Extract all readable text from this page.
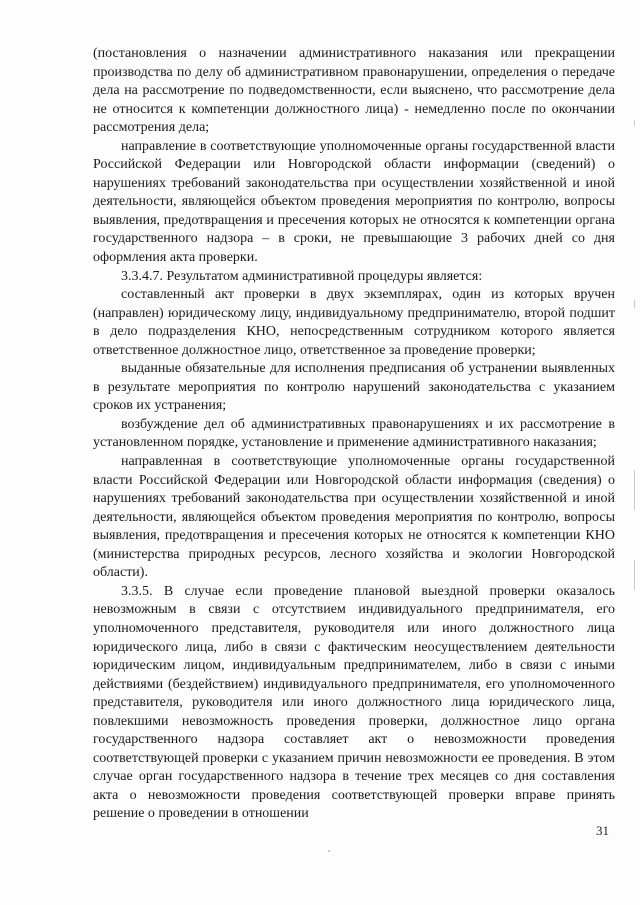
(постановления о назначении административного наказания или прекращении производства по делу об административном правонарушении, определения о передаче дела на рассмотрение по подведомственности, если выяснено, что рассмотрение дела не относится к компетенции должностного лица) - немедленно после по окончании рассмотрения дела;

направление в соответствующие уполномоченные органы государственной власти Российской Федерации или Новгородской области информации (сведений) о нарушениях требований законодательства при осуществлении хозяйственной и иной деятельности, являющейся объектом проведения мероприятия по контролю, вопросы выявления, предотвращения и пресечения которых не относятся к компетенции органа государственного надзора – в сроки, не превышающие 3 рабочих дней со дня оформления акта проверки.

3.3.4.7. Результатом административной процедуры является:

составленный акт проверки в двух экземплярах, один из которых вручен (направлен) юридическому лицу, индивидуальному предпринимателю, второй подшит в дело подразделения КНО, непосредственным сотрудником которого является ответственное должностное лицо, ответственное за проведение проверки;

выданные обязательные для исполнения предписания об устранении выявленных в результате мероприятия по контролю нарушений законодательства с указанием сроков их устранения;

возбуждение дел об административных правонарушениях и их рассмотрение в установленном порядке, установление и применение административного наказания;

направленная в соответствующие уполномоченные органы государственной власти Российской Федерации или Новгородской области информация (сведения) о нарушениях требований законодательства при осуществлении хозяйственной и иной деятельности, являющейся объектом проведения мероприятия по контролю, вопросы выявления, предотвращения и пресечения которых не относятся к компетенции КНО (министерства природных ресурсов, лесного хозяйства и экологии Новгородской области).

3.3.5. В случае если проведение плановой выездной проверки оказалось невозможным в связи с отсутствием индивидуального предпринимателя, его уполномоченного представителя, руководителя или иного должностного лица юридического лица, либо в связи с фактическим неосуществлением деятельности юридическим лицом, индивидуальным предпринимателем, либо в связи с иными действиями (бездействием) индивидуального предпринимателя, его уполномоченного представителя, руководителя или иного должностного лица юридического лица, повлекшими невозможность проведения проверки, должностное лицо органа государственного надзора составляет акт о невозможности проведения соответствующей проверки с указанием причин невозможности ее проведения. В этом случае орган государственного надзора в течение трех месяцев со дня составления акта о невозможности проведения соответствующей проверки вправе принять решение о проведении в отношении

31
